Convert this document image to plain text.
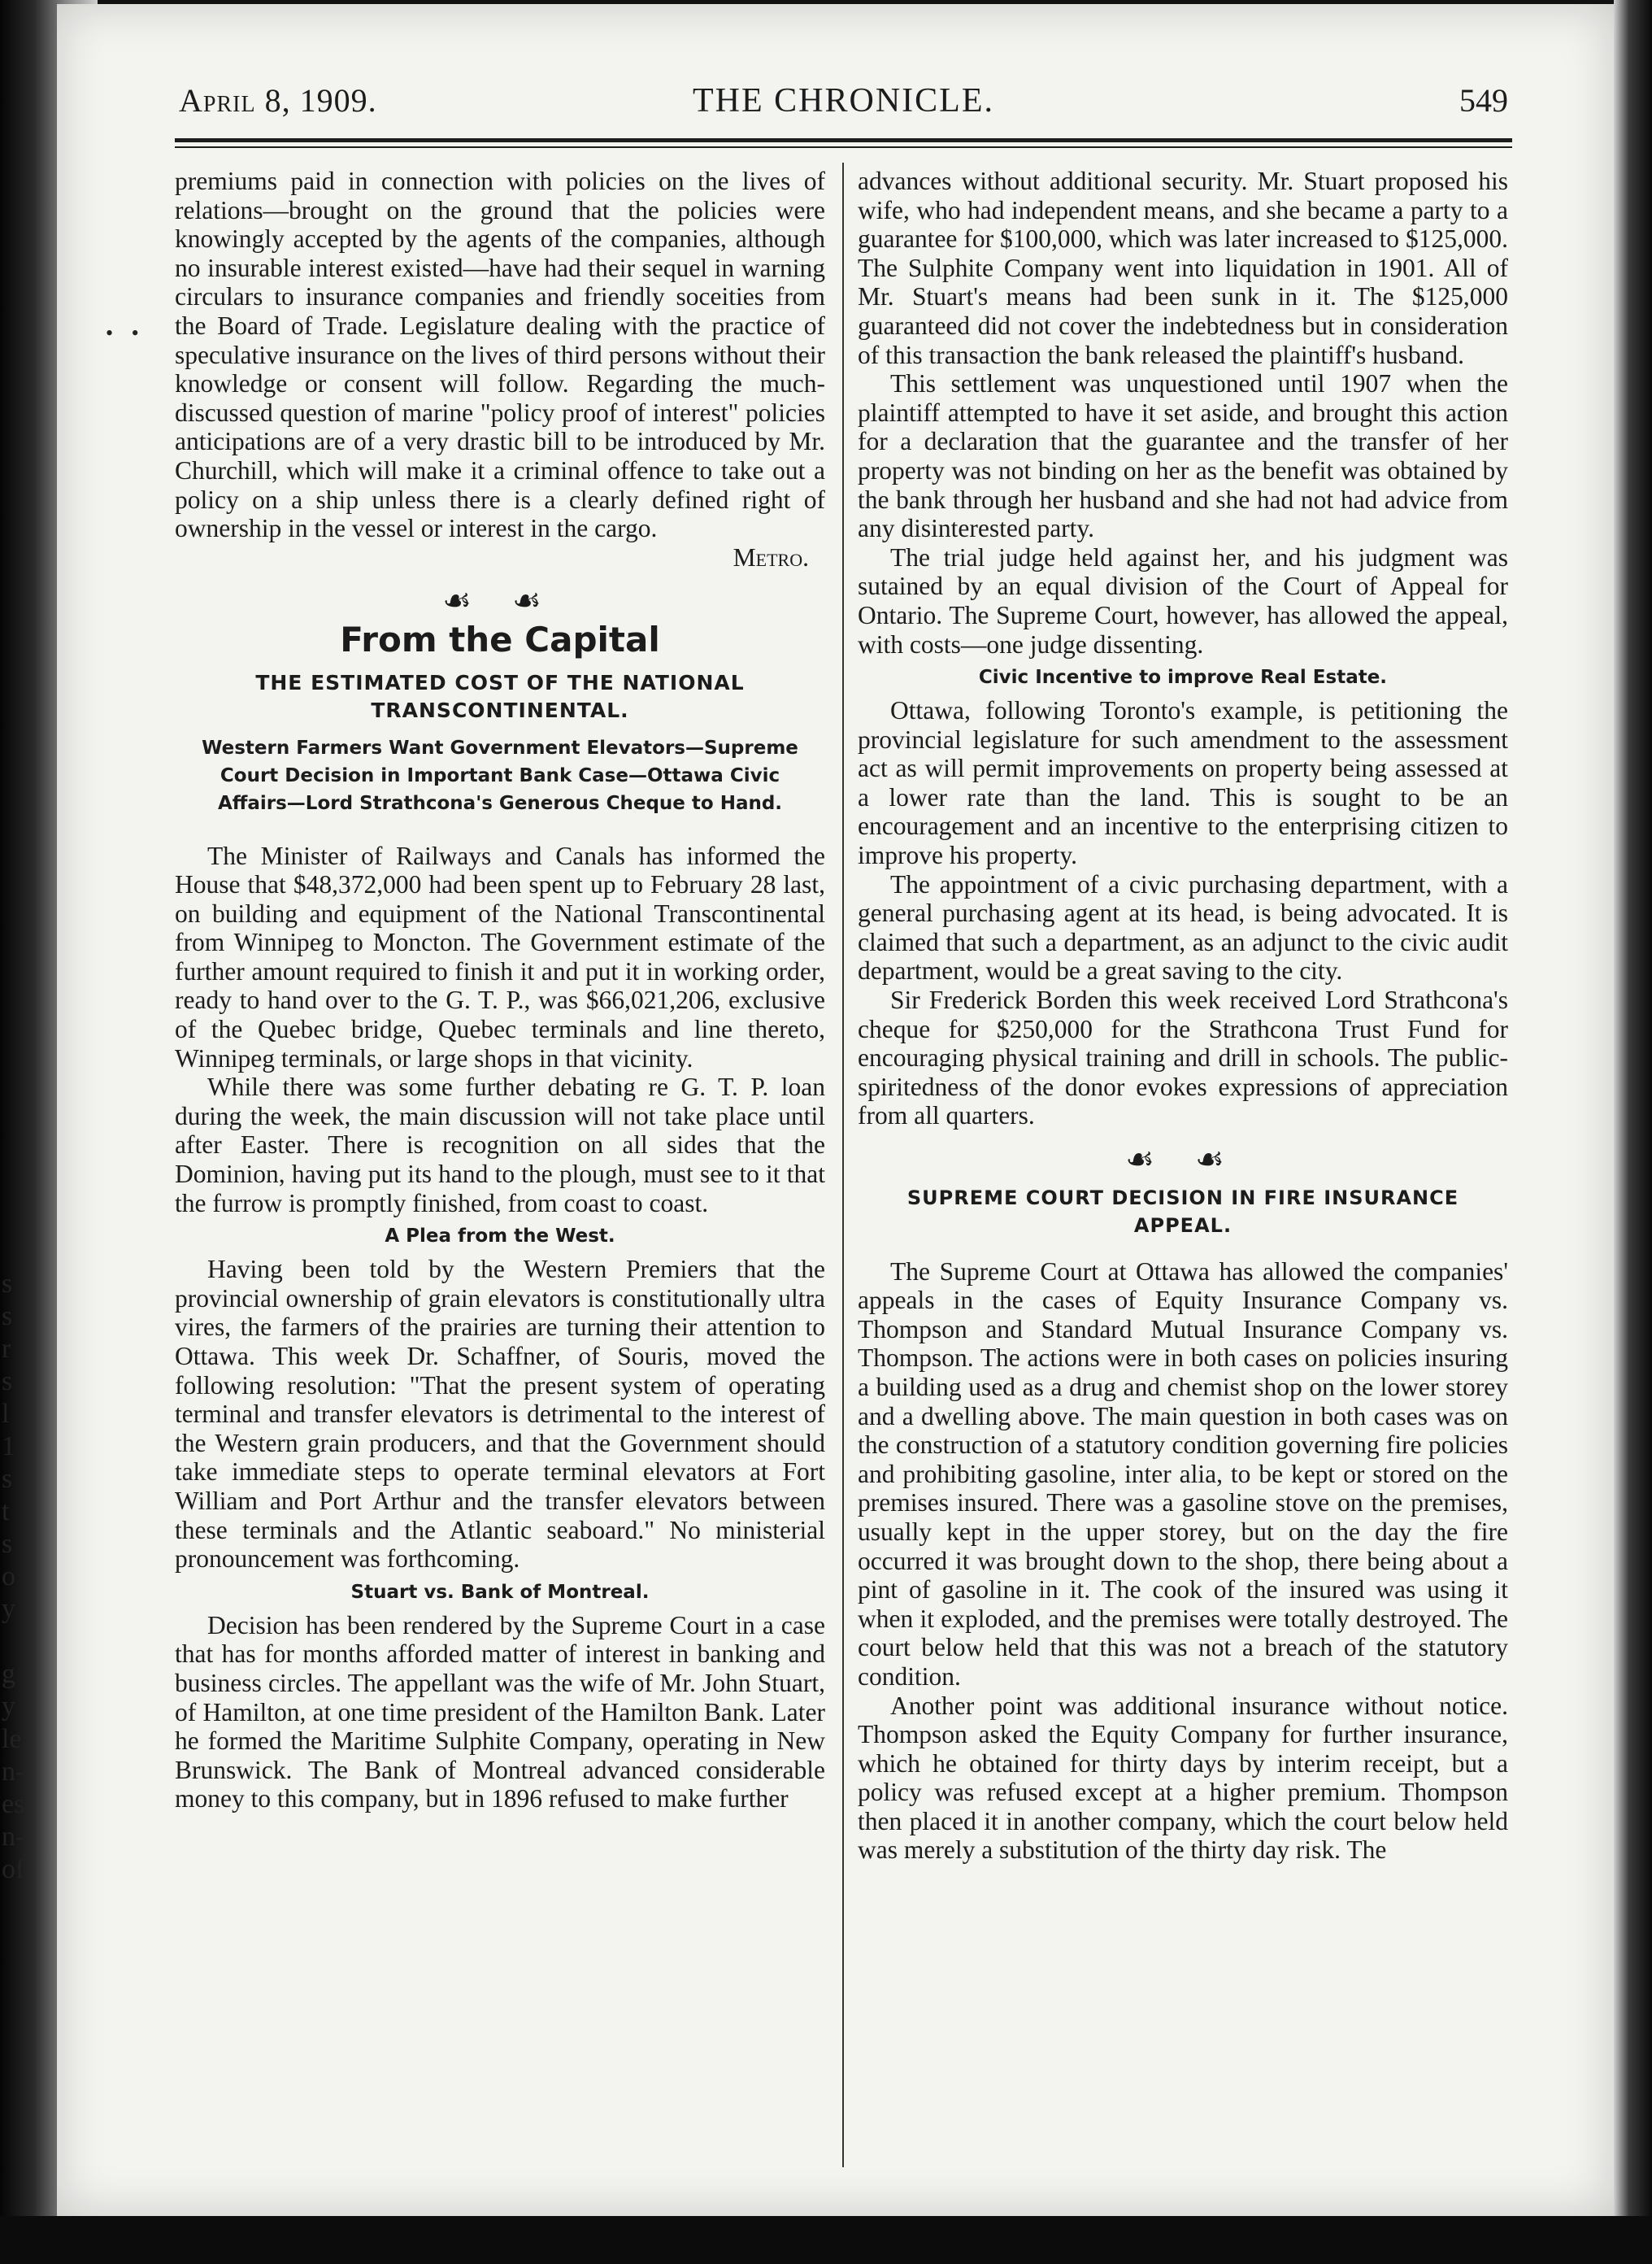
s
s
r
s
l
1
s
t
s
o
y
g
y
le
n-
es
n-
of
• •
THE CHRONICLE.
April 8, 1909.	549

premiums paid in connection with policies on the lives of relations—brought on the ground that the policies were knowingly accepted by the agents of the companies, although no insurable interest existed—have had their sequel in warning circulars to insurance companies and friendly soceities from the Board of Trade. Legislature dealing with the practice of speculative insurance on the lives of third persons without their knowledge or consent will follow. Regarding the much-discussed question of marine "policy proof of interest" policies anticipations are of a very drastic bill to be introduced by Mr. Churchill, which will make it a criminal offence to take out a policy on a ship unless there is a clearly defined right of ownership in the vessel or interest in the cargo.

Metro.

☙ ☙
From the Capital
THE ESTIMATED COST OF THE NATIONAL TRANSCONTINENTAL.
Western Farmers Want Government Elevators—Supreme Court Decision in Important Bank Case—Ottawa Civic Affairs—Lord Strathcona's Generous Cheque to Hand.

The Minister of Railways and Canals has informed the House that $48,372,000 had been spent up to February 28 last, on building and equipment of the National Transcontinental from Winnipeg to Moncton. The Government estimate of the further amount required to finish it and put it in working order, ready to hand over to the G. T. P., was $66,021,206, exclusive of the Quebec bridge, Quebec terminals and line thereto, Winnipeg terminals, or large shops in that vicinity.

While there was some further debating re G. T. P. loan during the week, the main discussion will not take place until after Easter. There is recognition on all sides that the Dominion, having put its hand to the plough, must see to it that the furrow is promptly finished, from coast to coast.

A Plea from the West.

Having been told by the Western Premiers that the provincial ownership of grain elevators is constitutionally ultra vires, the farmers of the prairies are turning their attention to Ottawa. This week Dr. Schaffner, of Souris, moved the following resolution: "That the present system of operating terminal and transfer elevators is detrimental to the interest of the Western grain producers, and that the Government should take immediate steps to operate terminal elevators at Fort William and Port Arthur and the transfer elevators between these terminals and the Atlantic seaboard." No ministerial pronouncement was forthcoming.

Stuart vs. Bank of Montreal.

Decision has been rendered by the Supreme Court in a case that has for months afforded matter of interest in banking and business circles. The appellant was the wife of Mr. John Stuart, of Hamilton, at one time president of the Hamilton Bank. Later he formed the Maritime Sulphite Company, operating in New Brunswick. The Bank of Montreal advanced considerable money to this company, but in 1896 refused to make further

advances without additional security. Mr. Stuart proposed his wife, who had independent means, and she became a party to a guarantee for $100,000, which was later increased to $125,000. The Sulphite Company went into liquidation in 1901. All of Mr. Stuart's means had been sunk in it. The $125,000 guaranteed did not cover the indebtedness but in consideration of this transaction the bank released the plaintiff's husband.

This settlement was unquestioned until 1907 when the plaintiff attempted to have it set aside, and brought this action for a declaration that the guarantee and the transfer of her property was not binding on her as the benefit was obtained by the bank through her husband and she had not had advice from any disinterested party.

The trial judge held against her, and his judgment was sutained by an equal division of the Court of Appeal for Ontario. The Supreme Court, however, has allowed the appeal, with costs—one judge dissenting.

Civic Incentive to improve Real Estate.

Ottawa, following Toronto's example, is petitioning the provincial legislature for such amendment to the assessment act as will permit improvements on property being assessed at a lower rate than the land. This is sought to be an encouragement and an incentive to the enterprising citizen to improve his property.

The appointment of a civic purchasing department, with a general purchasing agent at its head, is being advocated. It is claimed that such a department, as an adjunct to the civic audit department, would be a great saving to the city.

Sir Frederick Borden this week received Lord Strathcona's cheque for $250,000 for the Strathcona Trust Fund for encouraging physical training and drill in schools. The public-spiritedness of the donor evokes expressions of appreciation from all quarters.

☙ ☙
SUPREME COURT DECISION IN FIRE INSURANCE APPEAL.

The Supreme Court at Ottawa has allowed the companies' appeals in the cases of Equity Insurance Company vs. Thompson and Standard Mutual Insurance Company vs. Thompson. The actions were in both cases on policies insuring a building used as a drug and chemist shop on the lower storey and a dwelling above. The main question in both cases was on the construction of a statutory condition governing fire policies and prohibiting gasoline, inter alia, to be kept or stored on the premises insured. There was a gasoline stove on the premises, usually kept in the upper storey, but on the day the fire occurred it was brought down to the shop, there being about a pint of gasoline in it. The cook of the insured was using it when it exploded, and the premises were totally destroyed. The court below held that this was not a breach of the statutory condition.

Another point was additional insurance without notice. Thompson asked the Equity Company for further insurance, which he obtained for thirty days by interim receipt, but a policy was refused except at a higher premium. Thompson then placed it in another company, which the court below held was merely a substitution of the thirty day risk. The
